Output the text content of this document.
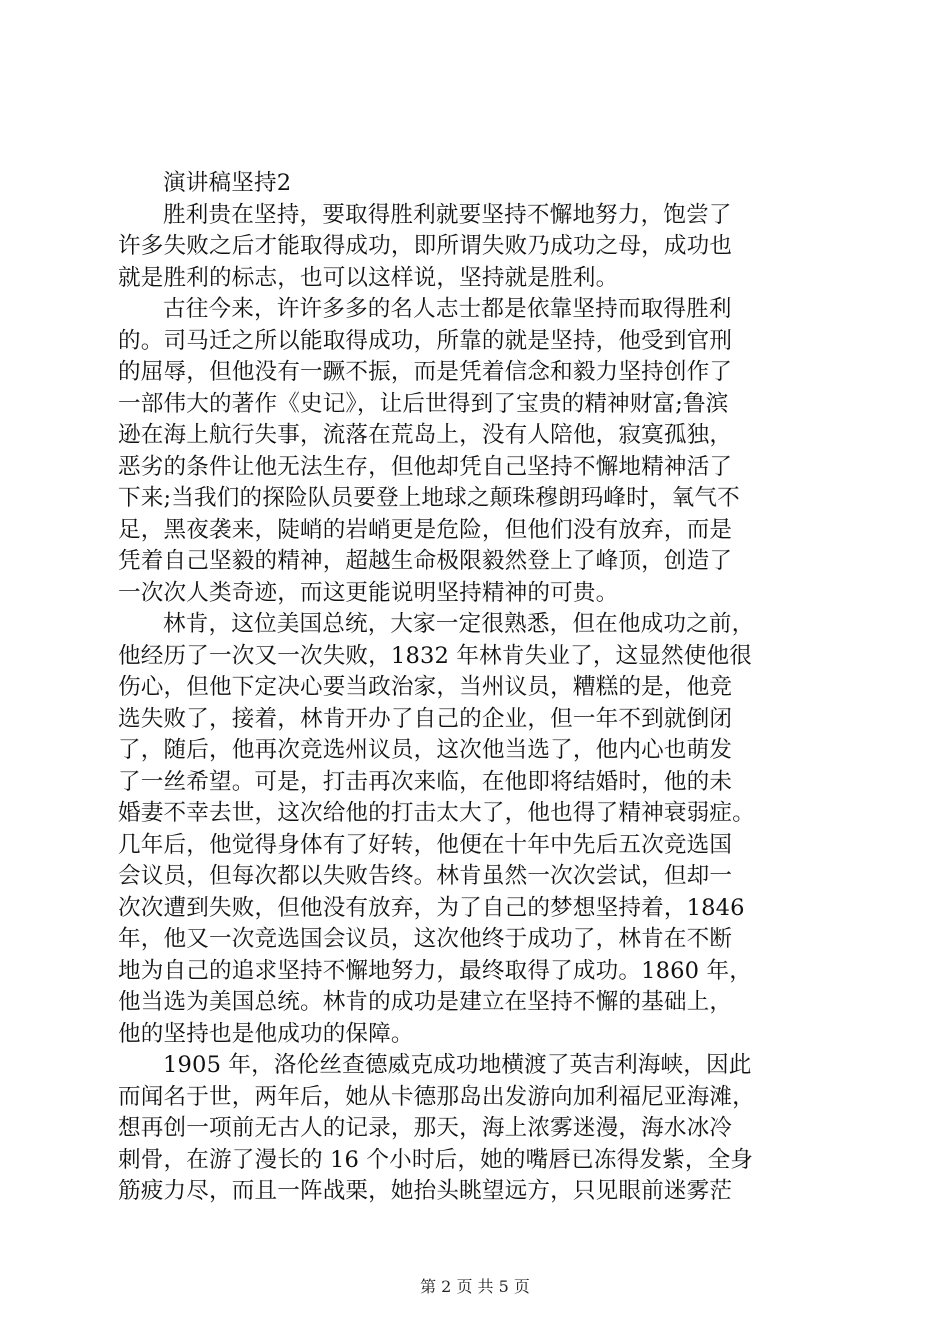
演讲稿坚持2
胜利贵在坚持，要取得胜利就要坚持不懈地努力，饱尝了
许多失败之后才能取得成功，即所谓失败乃成功之母，成功也
就是胜利的标志，也可以这样说，坚持就是胜利。
古往今来，许许多多的名人志士都是依靠坚持而取得胜利
的。司马迁之所以能取得成功，所靠的就是坚持，他受到官刑
的屈辱，但他没有一蹶不振，而是凭着信念和毅力坚持创作了
一部伟大的著作《史记》，让后世得到了宝贵的精神财富;鲁滨
逊在海上航行失事，流落在荒岛上，没有人陪他，寂寞孤独，
恶劣的条件让他无法生存，但他却凭自己坚持不懈地精神活了
下来;当我们的探险队员要登上地球之颠珠穆朗玛峰时，氧气不
足，黑夜袭来，陡峭的岩峭更是危险，但他们没有放弃，而是
凭着自己坚毅的精神，超越生命极限毅然登上了峰顶，创造了
一次次人类奇迹，而这更能说明坚持精神的可贵。
林肯，这位美国总统，大家一定很熟悉，但在他成功之前，
他经历了一次又一次失败，1832 年林肯失业了，这显然使他很
伤心，但他下定决心要当政治家，当州议员，糟糕的是，他竞
选失败了，接着，林肯开办了自己的企业，但一年不到就倒闭
了，随后，他再次竞选州议员，这次他当选了，他内心也萌发
了一丝希望。可是，打击再次来临，在他即将结婚时，他的未
婚妻不幸去世，这次给他的打击太大了，他也得了精神衰弱症。
几年后，他觉得身体有了好转，他便在十年中先后五次竞选国
会议员，但每次都以失败告终。林肯虽然一次次尝试，但却一
次次遭到失败，但他没有放弃，为了自己的梦想坚持着，1846
年，他又一次竞选国会议员，这次他终于成功了，林肯在不断
地为自己的追求坚持不懈地努力，最终取得了成功。1860 年，
他当选为美国总统。林肯的成功是建立在坚持不懈的基础上，
他的坚持也是他成功的保障。
1905 年，洛伦丝查德威克成功地横渡了英吉利海峡，因此
而闻名于世，两年后，她从卡德那岛出发游向加利福尼亚海滩，
想再创一项前无古人的记录，那天，海上浓雾迷漫，海水冰冷
刺骨，在游了漫长的 16 个小时后，她的嘴唇已冻得发紫，全身
筋疲力尽，而且一阵战栗，她抬头眺望远方，只见眼前迷雾茫
第 2 页 共 5 页
